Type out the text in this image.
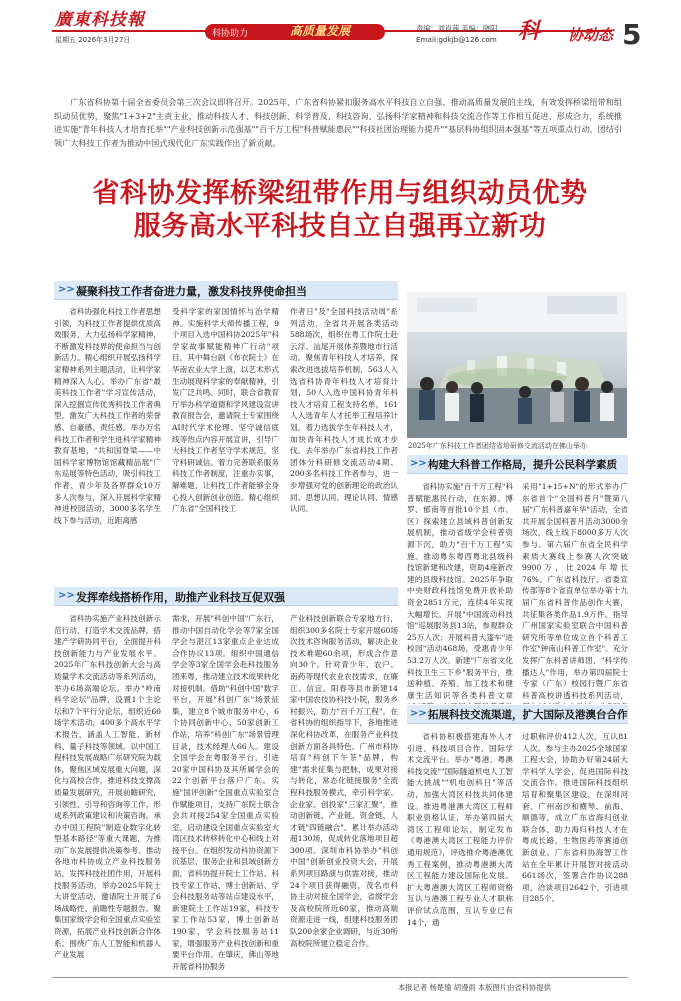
廣東科技報
星期五 2026年3月27日
科协助力	高质量发展	责编：刘肖茜 美编：晓阳
Email:gdkjb@126.com 科 协动态 5
广东省科协第十届全省委员会第三次会议即将召开。2025年，广东省科协紧扣服务高水平科技自立自强、推动高质量发展的主线，有效发挥桥梁纽带和组织动员优势，聚焦"1+3+2"主责主业，推动科技人才、科技创新、科学普及、科技咨询、弘扬科学家精神和科技交流合作等工作相互促进、形成合力，系统推进实施"青年科技人才培育托举""产业科技创新示范强基""百千万工程"科普赋能惠民""科技社团治理能力提升""基层科协组织固本强基"等五项重点行动，团结引领广大科技工作者为推动中国式现代化广东实践作出了新贡献。
省科协发挥桥梁纽带作用与组织动员优势
服务高水平科技自立自强再立新功
>> 凝聚科技工作者奋进力量，激发科技界使命担当

省科协强化科技工作者思想引领，为科技工作者提供优质高效服务，大力弘扬科学家精神，不断激发科技界的使命担当与创新活力。精心组织开展弘扬科学家精神系列主题活动，让科学家精神深入人心。举办广东省"最美科技工作者"学习宣传活动，深入挖掘宣传优秀科技工作者典型，激发广大科技工作者的荣誉感、自豪感、责任感。举办万名科技工作者和学生进科学家精神教育基地，"共和国脊梁——中国科学家博物馆馆藏精品展"广东巡展等特色活动，吸引科技工作者、青少年及各界群众10万多人次参与，深入开展科学家精神进校园活动，3000多名学生线下参与活动，近距离感

受科学家的家国情怀与治学精神。实施科学大师传播工程，9个项目入选中国科协2025年"科学家故事赋能精神广行动"项目，其中舞台剧《布衣院士》在华南农业大学上演，以艺术形式生动展现科学家的奉献精神，引发广泛共鸣。同时，联合省教育厅举办科学道德和学风建设宣讲教育报告会，邀请院士专家围绕AI时代学术伦理、坚守诚信底线等热点内容开展宣讲，引导广大科技工作者坚守学术规范，坚守科研诚信。着力完善联系服务科技工作者制度，注重办实事，解难题，让科技工作者能够全身心投入创新创业创造。精心组织广东省"全国科技工

作者日"及"全国科技活动周"系列活动，全省共开展各类活动588场次，组织在粤工作院士赴云浮、汕尾开展体养暨地市行活动。聚焦青年科技人才培养，探索改进选拔培养机制，563人入选省科协青年科技人才培育计划，50人入选中国科协青年科技人才培育工程支持名单，161人入选青年人才托举工程培养计划。着力选拔学生年科技人才，加快青年科技人才成长成才步伐。去年举办广东省科技工作者团体分科研修交流活动4期、200多名科技工作者参与，进一步增强对党的创新理论的政治认同、思想认同、理论认同、情感认同。

2025年广东科技工作者团结省培研修交流活动在佛山举办
>> 构建大科普工作格局，提升公民科学素质

省科协实施"百千万工程"科普赋能惠民行动，在东源、博罗、郁南等首批10个县（市、区）探索建立县域科普创新发展机制，推动省级学会科普资源下沉，助力"百千万工程"实施。推动粤东粤西粤北县级科技馆新建和改建，资助4座新改建的县级科技馆。2025年争取中央财政科技馆免费开放补助资金2851万元，连续4年实现大幅增长。开展"中国流动科技馆"巡展服务县13站，参观群众25万人次；开展科普大篷车"进校园"活动468场，受惠青少年53.2万人次。新建"广东省文化科技卫生三下乡"服务平台，推送种植、养殖、加工技术和健康生活知识等各类科普文章

采用"1+15+N"的形式举办广东省首个"全国科普月"暨第八届"广东科普嘉年华"活动，全省共开展全国科普月活动3000余场次，线上线下8000多万人次参与。第六届广东省全民科学素质大赛线上参赛人次突破9900万，比2024年增长76%。广东省科技厅、省委宣传部等8个省直单位举办第十九届广东省科普作品创作大赛，共征集各类作品1.9万件。指导广州国家实验室联合中国科普研究所等单位成立首个科普工作室"钟南山科普工作室"。充分发挥广东科普讲师团、"科学传播达人"作用，举办第四届院士专家（广东）校园行暨广东省科普高校讲透科技系列活动，

>> 发挥牵线搭桥作用，助推产业科技互促双强

省科协实施产业科技创新示范行动，打造学术交流品牌，搭建产学研协同平台，全面提升科技创新能力与产业发展水平。2025年广东科技创新大会与高质量学术交流活动等系列活动，举办6场高端论坛。举办"岭南科学论坛"品牌，设置1个主论坛和7个平行分论坛，组织近60场学术活动，400多个高水平学术报告，涵盖人工智能、新材料、量子科技等领域。以中国工程科技发展战略广东研究院为载体，聚焦区域发展重大问题，深化与高校合作，推进科技支撑高质量发展研究，开展前瞻研究，引领性、引导和咨询等工作，形成系列政策建议和决策咨询。承办中国工程院"制造业数字化转型基本路径"等重大课题，为推动广东发展提供决策参考。推动各地市科协成立产业科技服务站，发挥科技社团作用，开展科技服务活动，举办2025年院士大讲堂活动，邀请院士开展了6场战略性、前瞻性专题报告。聚集国家级学会和全国重点实验室资源，拓展产业科技创新合作体系。围绕广东人工智能和机器人产业发展

需求，开展"科创中国"广东行，推动中国自动化学会等7家全国学会与湛江13家重点企业达成合作协议13项。组织中国通信学会等3家全国学会赴科技服务团来粤，推动建立技术成果转化对接机制。借助"科创中国"数字平台，开展"科创广东"场景征集，建立8个城市服务中心，6个协同创新中心、50家创新工作站，培养"科创广东"场景管理目录，技术经理人66人。建设全国学会在粤服务平台，引进20家中国科协及其所属学会的22个创新平台落户广东。实施"国评创新"全国重点实验室合作赋能项目，支持广东院士联合会共对接254家全国重点实验室，启动建设全国重点实验室大湾区技术转移转化中心和线上对接平台。在组织发动科协资源下沉基层、服务企业和县域创新方面，省科协提升院士工作站、科技专家工作站、博士创新站、学会科技服务站等站点建设水平，新建院士工作站19家，科技专家工作站53家，博士创新站190家，学会科技服务站11家，增强服务产业科技创新和重要平台作用。在肇庆，佛山等地开展省科协服务

产业科技创新联合专家地方行，组织300多名院士专家开展60场次技术咨询服务活动，解决企业技术难题60余项，形成合作意向30个。针对青少年、农户、南药等现代农业农技需求，在廉江、信宜、阳春等县市新建14家中国农技协科技小院，服务乡村振兴，助力"百千万工程"。在省科协的组织指导下，各地推进深化科协改革，在服务产业科技创新方面各具特色。广州市科协培育"科创下午茶"品牌，构建"需求征集与把脉，成果对接与转化，常态化链接服务"全流程科技服务模式，牵引科学家、企业家、创投家"三家汇聚"，推动创新链、产业链、资金链、人才链"四链融合"。累计举办活动超130场，促成转化落地项目超300项。深圳市科协举办"科创中国"创新创业投资大会，开展系列项目路演与供需对接，推动24个项目获得融资，茂名市科协主动对接全国学会，省级学会及高校院所近60家，推动高端资源走进一线，组建科技服务团队200余家企业调研，与近30所高校院所建立稳定合作。

>> 拓展科技交流渠道，扩大国际及港澳台合作

省科协积极搭建海外人才引进、科技项目合作、国际学术交流平台。举办"粤港、粤澳科技交流""国际隧道机电人工智能大挑战""机电创科日"等活动，加强大湾区科技共同体建设。推进粤港澳大湾区工程师职业资格认证，举办第四届大湾区工程师论坛，制定发布《粤港澳大湾区工程能力评价通用规范》，评选推介粤港澳优秀工程案例，推动粤港澳大湾区工程能力建设国际化发展。扩大粤港澳大湾区工程师资格互认与港澳工程专业人才职称评价试点范围，互认专业已有14个，通

过职称评价412人次，互认81人次。参与主办2025全球国家工程大会，协助办好第24届大学科学人学会，促进国际科技交流合作。推进国际科技组织培育和聚集区建设，在深圳河套、广州南沙和横琴、前海、顺德等，成立广东省海归创业联合体，助力海归科技人才在粤成长路，生物医药等赛道创新创业。广东省科协海智工作站在全年累计开展智对接活动661场次，签署合作协议288项，洽谈项目2642个，引进项目285个。

本报记者 杨楚瑜 胡漫雨 本版图片由省科协提供
